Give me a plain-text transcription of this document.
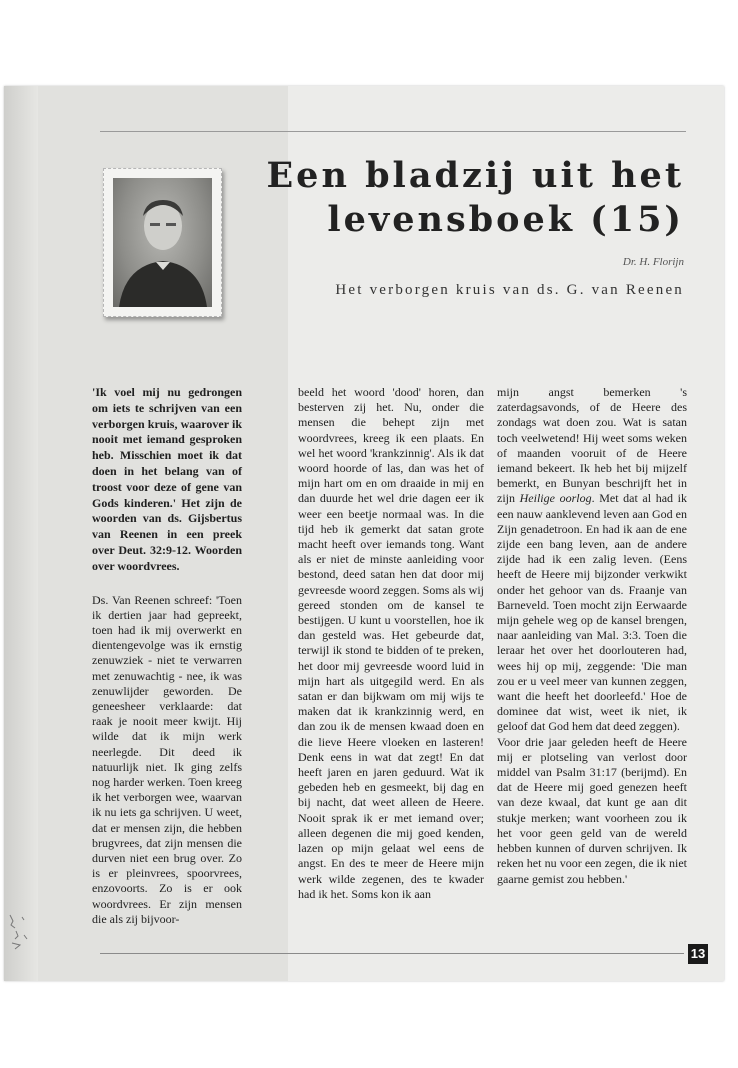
Een bladzij uit het levensboek (15)
Dr. H. Florijn
Het verborgen kruis van ds. G. van Reenen

'Ik voel mij nu gedrongen om iets te schrijven van een verborgen kruis, waarover ik nooit met iemand gesproken heb. Misschien moet ik dat doen in het belang van of troost voor deze of gene van Gods kinderen.' Het zijn de woorden van ds. Gijsbertus van Reenen in een preek over Deut. 32:9-12. Woorden over woordvrees.

Ds. Van Reenen schreef: 'Toen ik dertien jaar had gepreekt, toen had ik mij overwerkt en dientengevolge was ik ernstig zenuwziek - niet te verwarren met zenuwachtig - nee, ik was zenuwlijder geworden. De geneesheer verklaarde: dat raak je nooit meer kwijt. Hij wilde dat ik mijn werk neerlegde. Dit deed ik natuurlijk niet. Ik ging zelfs nog harder werken. Toen kreeg ik het verborgen wee, waarvan ik nu iets ga schrijven. U weet, dat er mensen zijn, die hebben brugvrees, dat zijn mensen die durven niet een brug over. Zo is er pleinvrees, spoorvrees, enzovoorts. Zo is er ook woordvrees. Er zijn mensen die als zij bijvoor-

beeld het woord 'dood' horen, dan besterven zij het. Nu, onder die mensen die behept zijn met woordvrees, kreeg ik een plaats. En wel het woord 'krankzinnig'. Als ik dat woord hoorde of las, dan was het of mijn hart om en om draaide in mij en dan duurde het wel drie dagen eer ik weer een beetje normaal was. In die tijd heb ik gemerkt dat satan grote macht heeft over iemands tong. Want als er niet de minste aanleiding voor bestond, deed satan hen dat door mij gevreesde woord zeggen. Soms als wij gereed stonden om de kansel te bestijgen. U kunt u voorstellen, hoe ik dan gesteld was. Het gebeurde dat, terwijl ik stond te bidden of te preken, het door mij gevreesde woord luid in mijn hart als uitgegild werd. En als satan er dan bijkwam om mij wijs te maken dat ik krankzinnig werd, en dan zou ik de mensen kwaad doen en die lieve Heere vloeken en lasteren! Denk eens in wat dat zegt! En dat heeft jaren en jaren geduurd. Wat ik gebeden heb en gesmeekt, bij dag en bij nacht, dat weet alleen de Heere. Nooit sprak ik er met iemand over; alleen degenen die mij goed kenden, lazen op mijn gelaat wel eens de angst. En des te meer de Heere mijn werk wilde zegenen, des te kwader had ik het. Soms kon ik aan

mijn angst bemerken 's zaterdagsavonds, of de Heere des zondags wat doen zou. Wat is satan toch veelwetend! Hij weet soms weken of maanden vooruit of de Heere iemand bekeert. Ik heb het bij mijzelf bemerkt, en Bunyan beschrijft het in zijn Heilige oorlog. Met dat al had ik een nauw aanklevend leven aan God en Zijn genadetroon. En had ik aan de ene zijde een bang leven, aan de andere zijde had ik een zalig leven. (Eens heeft de Heere mij bijzonder verkwikt onder het gehoor van ds. Fraanje van Barneveld. Toen mocht zijn Eerwaarde mijn gehele weg op de kansel brengen, naar aanleiding van Mal. 3:3. Toen die leraar het over het doorlouteren had, wees hij op mij, zeggende: 'Die man zou er u veel meer van kunnen zeggen, want die heeft het doorleefd.' Hoe de dominee dat wist, weet ik niet, ik geloof dat God hem dat deed zeggen).

Voor drie jaar geleden heeft de Heere mij er plotseling van verlost door middel van Psalm 31:17 (berijmd). En dat de Heere mij goed genezen heeft van deze kwaal, dat kunt ge aan dit stukje merken; want voorheen zou ik het voor geen geld van de wereld hebben kunnen of durven schrijven. Ik reken het nu voor een zegen, die ik niet gaarne gemist zou hebben.'

13
